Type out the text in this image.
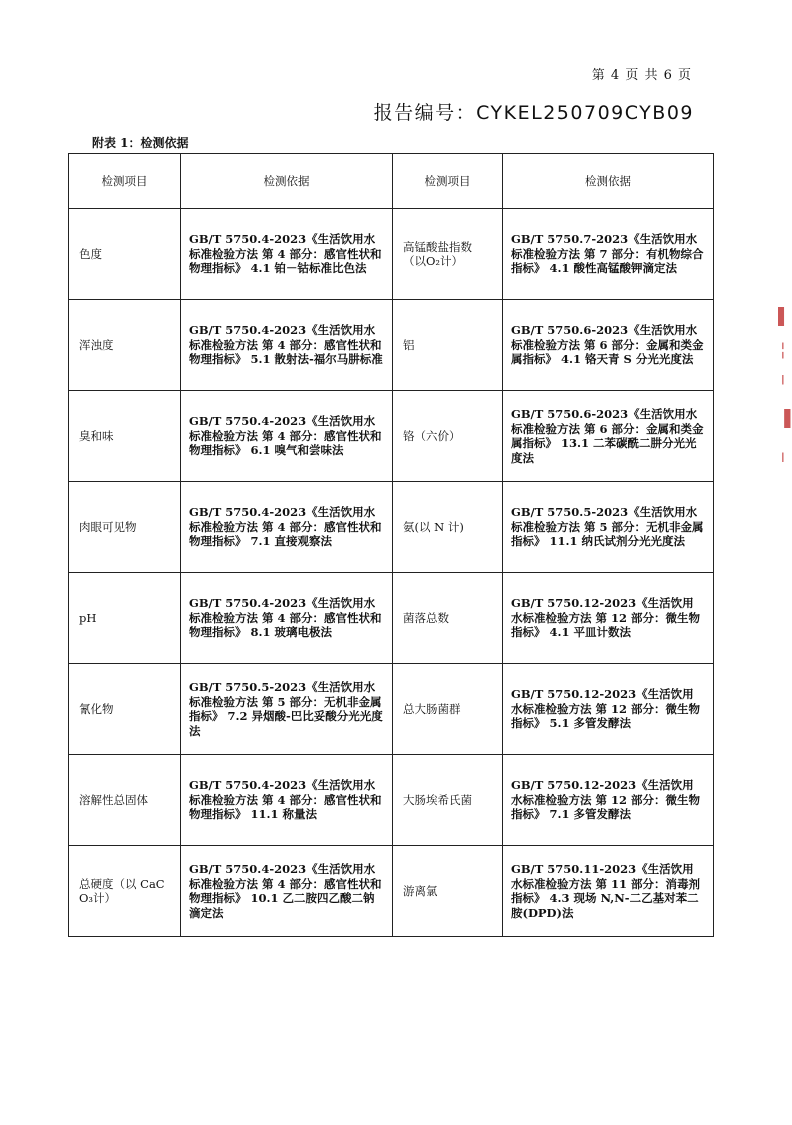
第 4 页 共 6 页
报告编号：CYKEL250709CYB09
附表 1：检测依据
检测项目	检测依据	检测项目	检测依据
色度	GB/T 5750.4-2023《生活饮用水标准检验方法 第 4 部分：感官性状和物理指标》 4.1 铂－钴标准比色法	高锰酸盐指数（以O₂计）	GB/T 5750.7-2023《生活饮用水标准检验方法 第 7 部分：有机物综合指标》 4.1 酸性高锰酸钾滴定法
浑浊度	GB/T 5750.4-2023《生活饮用水标准检验方法 第 4 部分：感官性状和物理指标》 5.1 散射法-福尔马肼标准	铝	GB/T 5750.6-2023《生活饮用水标准检验方法 第 6 部分：金属和类金属指标》 4.1 铬天青 S 分光光度法
臭和味	GB/T 5750.4-2023《生活饮用水标准检验方法 第 4 部分：感官性状和物理指标》 6.1 嗅气和尝味法	铬（六价）	GB/T 5750.6-2023《生活饮用水标准检验方法 第 6 部分：金属和类金属指标》 13.1 二苯碳酰二肼分光光度法
肉眼可见物	GB/T 5750.4-2023《生活饮用水标准检验方法 第 4 部分：感官性状和物理指标》 7.1 直接观察法	氨(以 N 计)	GB/T 5750.5-2023《生活饮用水标准检验方法 第 5 部分：无机非金属指标》 11.1 纳氏试剂分光光度法
pH	GB/T 5750.4-2023《生活饮用水标准检验方法 第 4 部分：感官性状和物理指标》 8.1 玻璃电极法	菌落总数	GB/T 5750.12-2023《生活饮用水标准检验方法 第 12 部分：微生物指标》 4.1 平皿计数法
氰化物	GB/T 5750.5-2023《生活饮用水标准检验方法 第 5 部分：无机非金属指标》 7.2 异烟酸-巴比妥酸分光光度法	总大肠菌群	GB/T 5750.12-2023《生活饮用水标准检验方法 第 12 部分：微生物指标》 5.1 多管发酵法
溶解性总固体	GB/T 5750.4-2023《生活饮用水标准检验方法 第 4 部分：感官性状和物理指标》 11.1 称量法	大肠埃希氏菌	GB/T 5750.12-2023《生活饮用水标准检验方法 第 12 部分：微生物指标》 7.1 多管发酵法
总硬度（以 CaCO₃计）	GB/T 5750.4-2023《生活饮用水标准检验方法 第 4 部分：感官性状和物理指标》 10.1 乙二胺四乙酸二钠滴定法	游离氯	GB/T 5750.11-2023《生活饮用水标准检验方法 第 11 部分：消毒剂指标》 4.3 现场 N,N-二乙基对苯二胺(DPD)法
▌
╎
╵
▐
╷
